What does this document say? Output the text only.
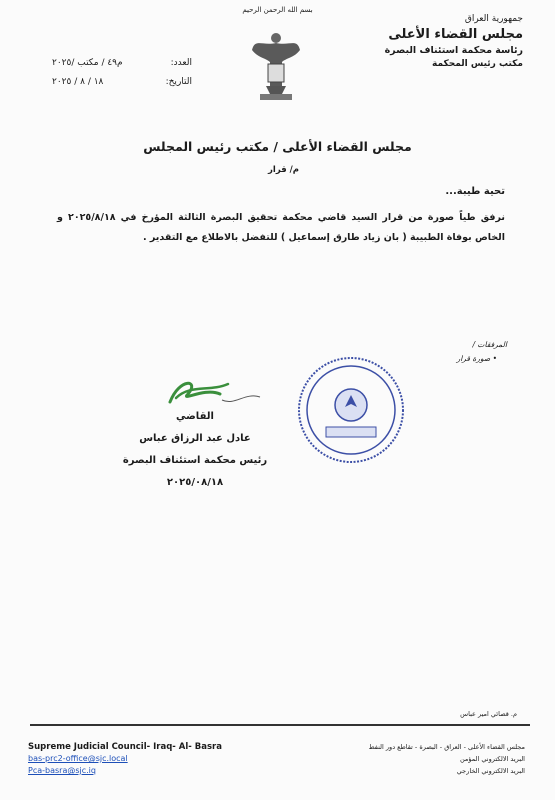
بسم الله الرحمن الرحيم
جمهورية العراق
مجلس القضاء الأعلى
رئاسة محكمة استئناف البصرة
مكتب رئيس المحكمة
العدد:
م٤٩ / مكتب /٢٠٢٥
التاريخ:
١٨ / ٨ / ٢٠٢٥
مجلس القضاء الأعلى / مكتب رئيس المجلس
م/ قرار
تحية طيبة...
نرفق طياً صورة من قرار السيد قاضي محكمة تحقيق البصرة الثالثة المؤرخ في ٢٠٢٥/٨/١٨ و الخاص بوفاة الطبيبة ( بان زياد طارق إسماعيل ) للتفضل بالاطلاع مع التقدير .
المرفقات /
• صورة قرار
القاضي
عادل عبد الرزاق عباس
رئيس محكمة استئناف البصرة
٢٠٢٥/٠٨/١٨
م. قصائي امير عباس
Supreme Judicial Council- Iraq- Al- Basra
bas-prc2-office@sjc.local
Pca-basra@sjc.iq
مجلس القضاء الأعلى - العراق - البصرة - تقاطع دور النفط
البريد الالكتروني المؤمن
البريد الالكتروني الخارجي
